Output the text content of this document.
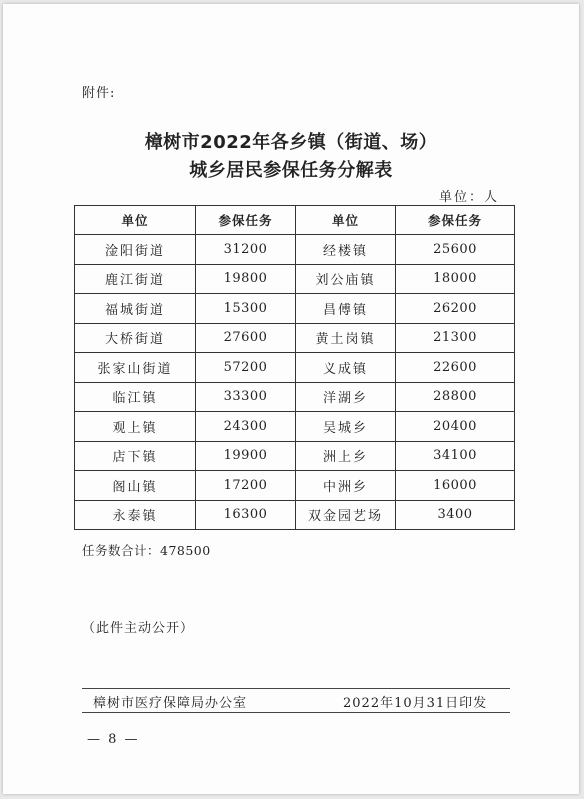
附件:
樟树市2022年各乡镇（街道、场）
城乡居民参保任务分解表
单位：人
单位	参保任务	单位	参保任务
淦阳街道	31200	经楼镇	25600
鹿江街道	19800	刘公庙镇	18000
福城街道	15300	昌傅镇	26200
大桥街道	27600	黄土岗镇	21300
张家山街道	57200	义成镇	22600
临江镇	33300	洋湖乡	28800
观上镇	24300	吴城乡	20400
店下镇	19900	洲上乡	34100
阁山镇	17200	中洲乡	16000
永泰镇	16300	双金园艺场	3400
任务数合计：478500
（此件主动公开）
樟树市医疗保障局办公室	2022年10月31日印发
— 8 —
